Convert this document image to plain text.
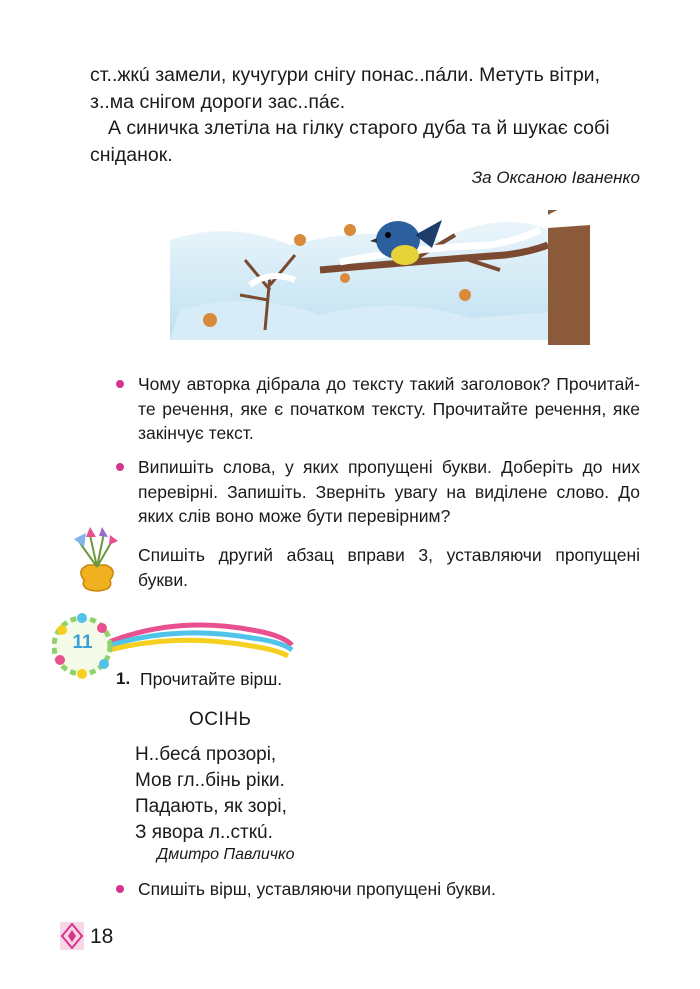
ст..жкú замели, кучугури снігу понас..пáли. Метуть вітри,
з..ма снігом дороги зас..пáє.
А синичка злетіла на гілку старого дуба та й шукає собі
сніданок.
За Оксаною Іваненко
Чому авторка дібрала до тексту такий заголовок? Прочитай-те речення, яке є початком тексту. Прочитайте речення, яке закінчує текст.
Випишіть слова, у яких пропущені букви. Доберіть до них перевірні. Запишіть. Зверніть увагу на виділене слово. До яких слів воно може бути перевірним?
Спишіть другий абзац вправи 3, уставляючи пропущені букви.
11
1. Прочитайте вірш.
ОСІНЬ
Н..бесá прозорі,
Мов гл..бінь ріки.
Падають, як зорі,
З явора л..сткú.
Дмитро Павличко
Спишіть вірш, уставляючи пропущені букви.
18
